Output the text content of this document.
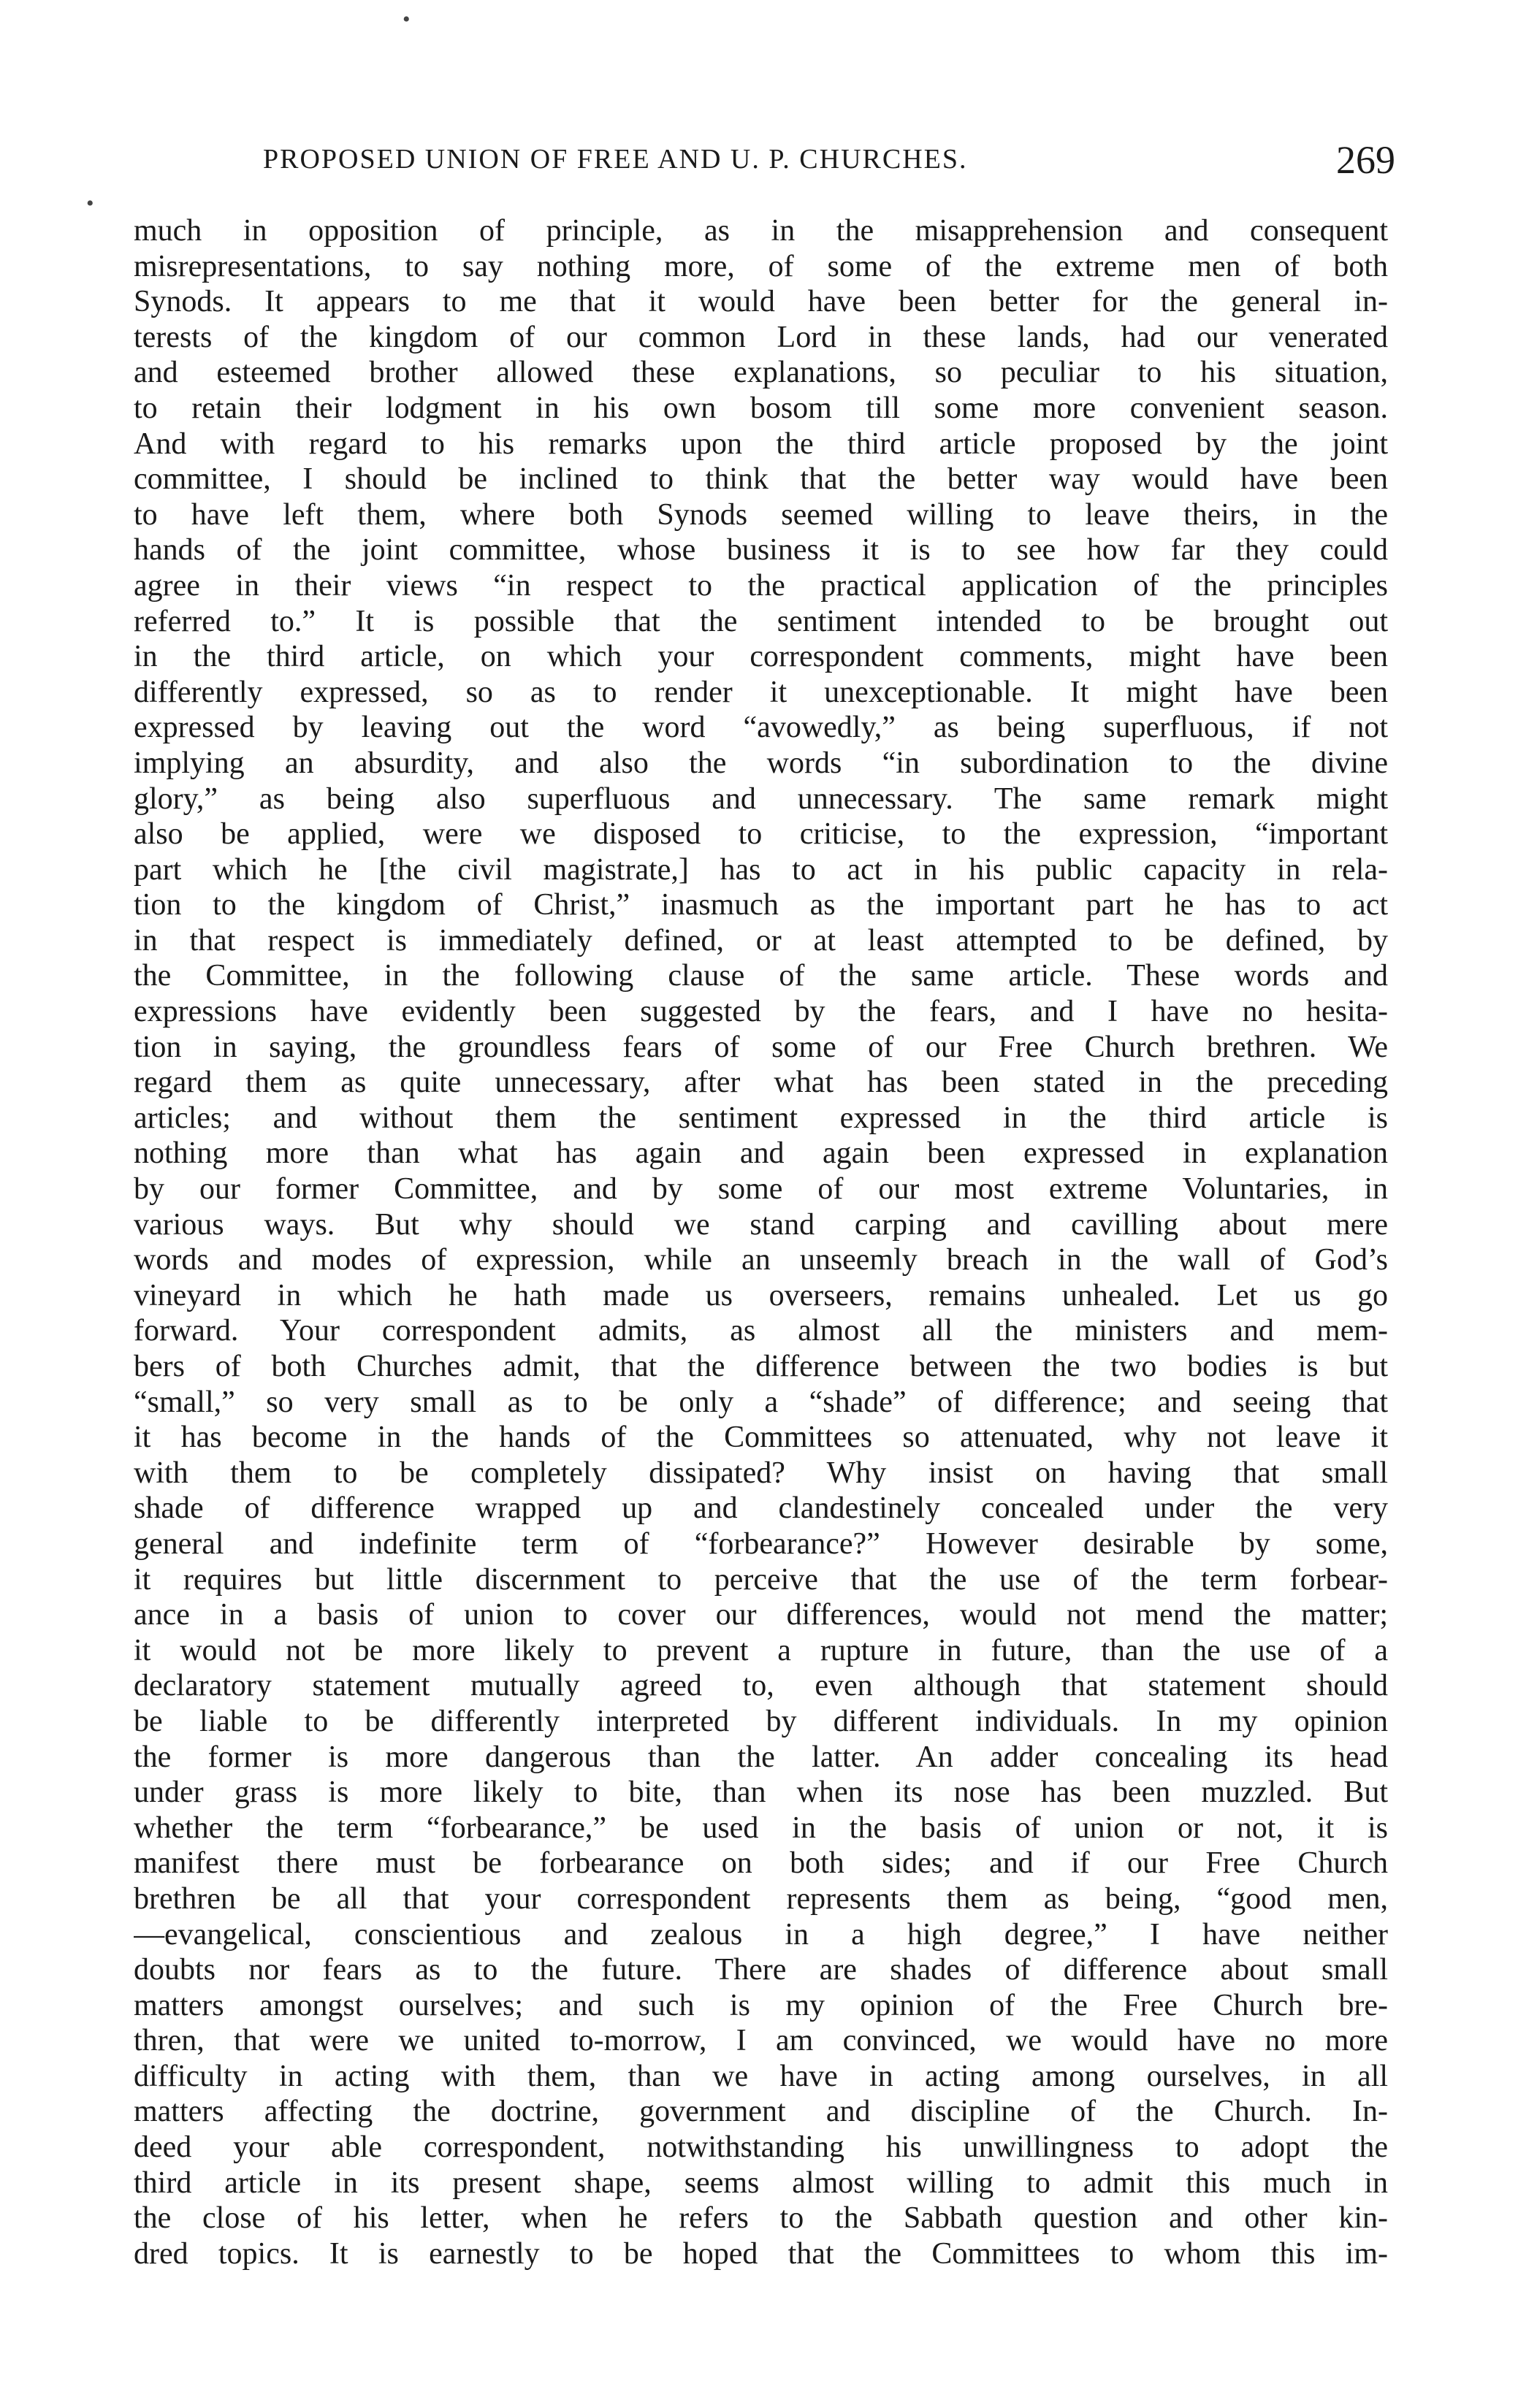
•
•
PROPOSED UNION OF FREE AND U. P. CHURCHES.	269
much in opposition of principle, as in the misapprehension and consequent
misrepresentations, to say nothing more, of some of the extreme men of both
Synods. It appears to me that it would have been better for the general in-
terests of the kingdom of our common Lord in these lands, had our venerated
and esteemed brother allowed these explanations, so peculiar to his situation,
to retain their lodgment in his own bosom till some more convenient season.
And with regard to his remarks upon the third article proposed by the joint
committee, I should be inclined to think that the better way would have been
to have left them, where both Synods seemed willing to leave theirs, in the
hands of the joint committee, whose business it is to see how far they could
agree in their views “in respect to the practical application of the principles
referred to.” It is possible that the sentiment intended to be brought out
in the third article, on which your correspondent comments, might have been
differently expressed, so as to render it unexceptionable. It might have been
expressed by leaving out the word “avowedly,” as being superfluous, if not
implying an absurdity, and also the words “in subordination to the divine
glory,” as being also superfluous and unnecessary. The same remark might
also be applied, were we disposed to criticise, to the expression, “important
part which he [the civil magistrate,] has to act in his public capacity in rela-
tion to the kingdom of Christ,” inasmuch as the important part he has to act
in that respect is immediately defined, or at least attempted to be defined, by
the Committee, in the following clause of the same article. These words and
expressions have evidently been suggested by the fears, and I have no hesita-
tion in saying, the groundless fears of some of our Free Church brethren. We
regard them as quite unnecessary, after what has been stated in the preceding
articles; and without them the sentiment expressed in the third article is
nothing more than what has again and again been expressed in explanation
by our former Committee, and by some of our most extreme Voluntaries, in
various ways. But why should we stand carping and cavilling about mere
words and modes of expression, while an unseemly breach in the wall of God’s
vineyard in which he hath made us overseers, remains unhealed. Let us go
forward. Your correspondent admits, as almost all the ministers and mem-
bers of both Churches admit, that the difference between the two bodies is but
“small,” so very small as to be only a “shade” of difference; and seeing that
it has become in the hands of the Committees so attenuated, why not leave it
with them to be completely dissipated? Why insist on having that small
shade of difference wrapped up and clandestinely concealed under the very
general and indefinite term of “forbearance?” However desirable by some,
it requires but little discernment to perceive that the use of the term forbear-
ance in a basis of union to cover our differences, would not mend the matter;
it would not be more likely to prevent a rupture in future, than the use of a
declaratory statement mutually agreed to, even although that statement should
be liable to be differently interpreted by different individuals. In my opinion
the former is more dangerous than the latter. An adder concealing its head
under grass is more likely to bite, than when its nose has been muzzled. But
whether the term “forbearance,” be used in the basis of union or not, it is
manifest there must be forbearance on both sides; and if our Free Church
brethren be all that your correspondent represents them as being, “good men,
—evangelical, conscientious and zealous in a high degree,” I have neither
doubts nor fears as to the future. There are shades of difference about small
matters amongst ourselves; and such is my opinion of the Free Church bre-
thren, that were we united to-morrow, I am convinced, we would have no more
difficulty in acting with them, than we have in acting among ourselves, in all
matters affecting the doctrine, government and discipline of the Church. In-
deed your able correspondent, notwithstanding his unwillingness to adopt the
third article in its present shape, seems almost willing to admit this much in
the close of his letter, when he refers to the Sabbath question and other kin-
dred topics. It is earnestly to be hoped that the Committees to whom this im-
